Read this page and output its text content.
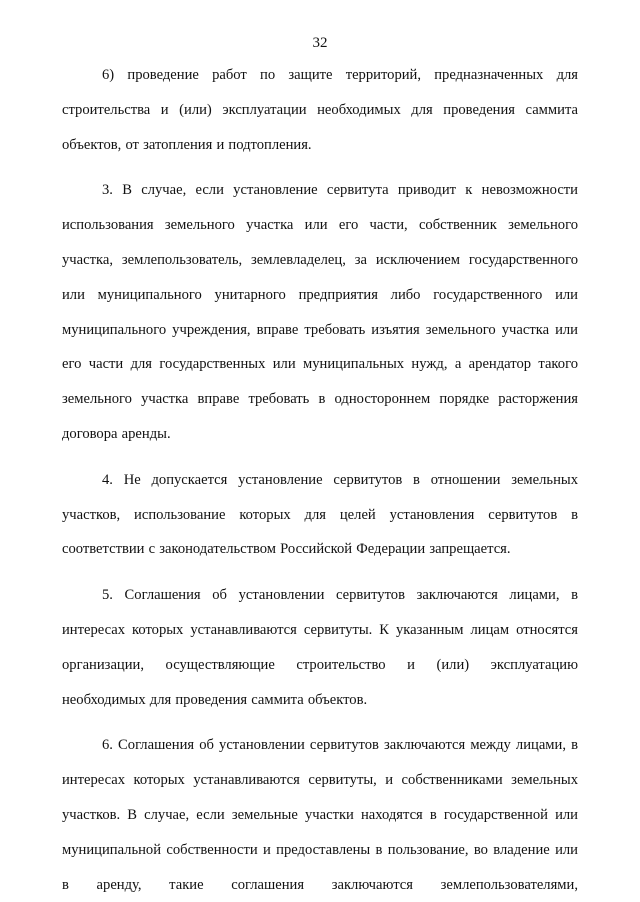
32

6) проведение работ по защите территорий, предназначенных для строительства и (или) эксплуатации необходимых для проведения саммита объектов, от затопления и подтопления.

3. В случае, если установление сервитута приводит к невозможности использования земельного участка или его части, собственник земельного участка, землепользователь, землевладелец, за исключением государственного или муниципального унитарного предприятия либо государственного или муниципального учреждения, вправе требовать изъятия земельного участка или его части для государственных или муниципальных нужд, а арендатор такого земельного участка вправе требовать в одностороннем порядке расторжения договора аренды.

4. Не допускается установление сервитутов в отношении земельных участков, использование которых для целей установления сервитутов в соответствии с законодательством Российской Федерации запрещается.

5. Соглашения об установлении сервитутов заключаются лицами, в интересах которых устанавливаются сервитуты. К указанным лицам относятся организации, осуществляющие строительство и (или) эксплуатацию необходимых для проведения саммита объектов.

6. Соглашения об установлении сервитутов заключаются между лицами, в интересах которых устанавливаются сервитуты, и собственниками земельных участков. В случае, если земельные участки находятся в государственной или муниципальной собственности и предоставлены в пользование, во владение или в аренду, такие соглашения заключаются землепользователями,
